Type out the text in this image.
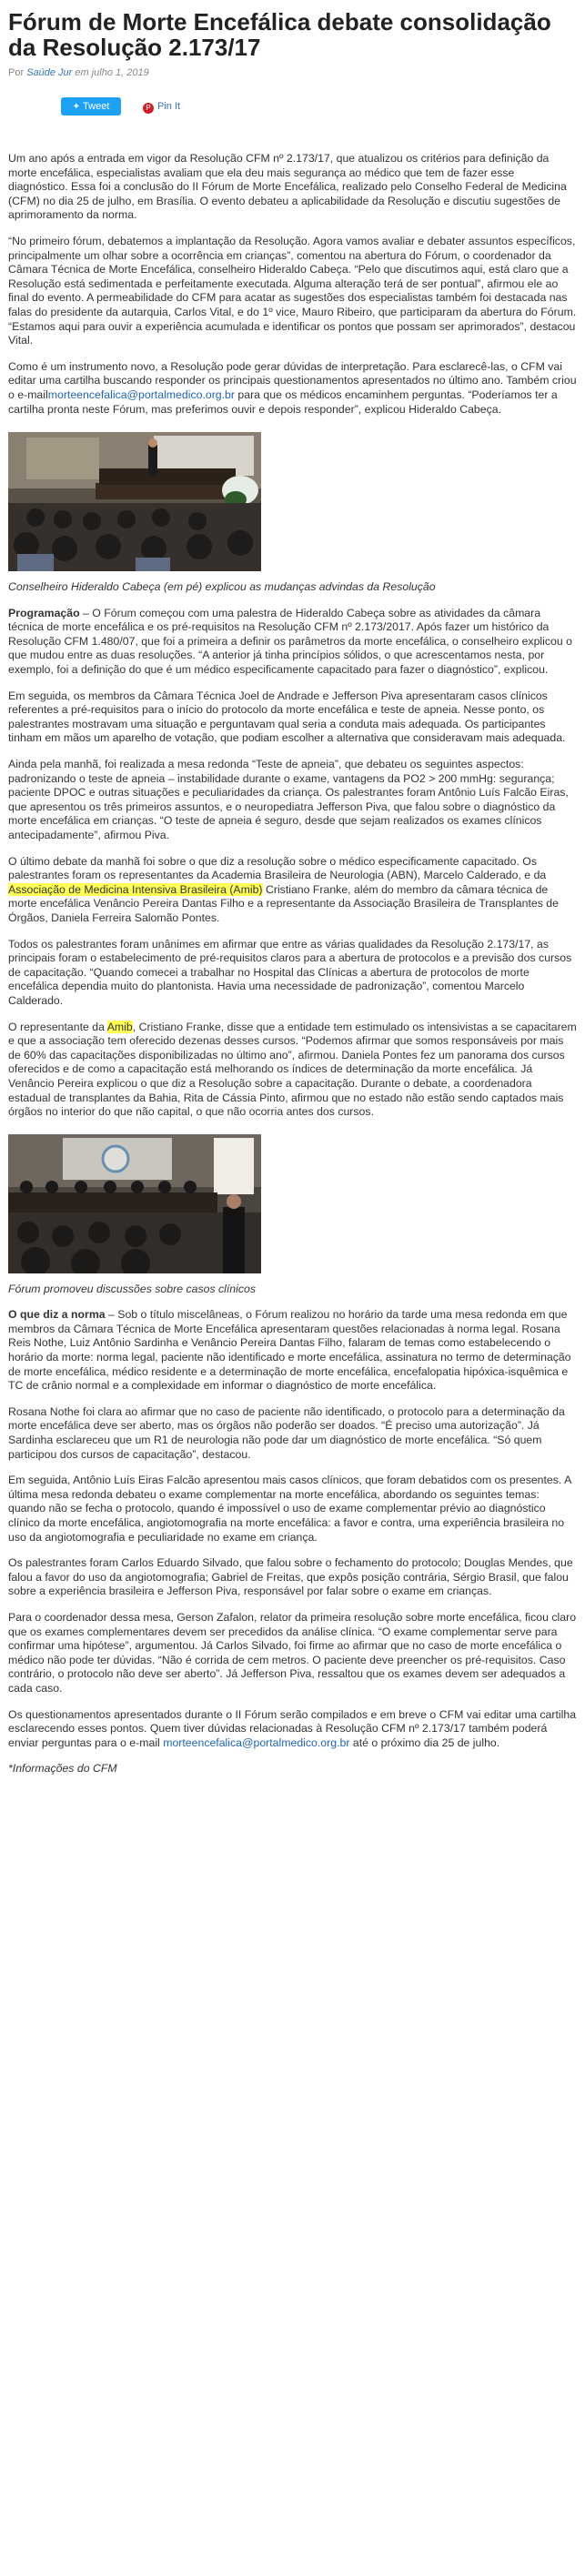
Fórum de Morte Encefálica debate consolidação da Resolução 2.173/17
Por Saúde Jur em julho 1, 2019
✦ Tweet	P Pin It

Um ano após a entrada em vigor da Resolução CFM nº 2.173/17, que atualizou os critérios para definição da morte encefálica, especialistas avaliam que ela deu mais segurança ao médico que tem de fazer esse diagnóstico. Essa foi a conclusão do II Fórum de Morte Encefálica, realizado pelo Conselho Federal de Medicina (CFM) no dia 25 de julho, em Brasília. O evento debateu a aplicabilidade da Resolução e discutiu sugestões de aprimoramento da norma.

“No primeiro fórum, debatemos a implantação da Resolução. Agora vamos avaliar e debater assuntos específicos, principalmente um olhar sobre a ocorrência em crianças”, comentou na abertura do Fórum, o coordenador da Câmara Técnica de Morte Encefálica, conselheiro Hideraldo Cabeça. “Pelo que discutimos aqui, está claro que a Resolução está sedimentada e perfeitamente executada. Alguma alteração terá de ser pontual”, afirmou ele ao final do evento. A permeabilidade do CFM para acatar as sugestões dos especialistas também foi destacada nas falas do presidente da autarquia, Carlos Vital, e do 1º vice, Mauro Ribeiro, que participaram da abertura do Fórum. “Estamos aqui para ouvir a experiência acumulada e identificar os pontos que possam ser aprimorados”, destacou Vital.

Como é um instrumento novo, a Resolução pode gerar dúvidas de interpretação. Para esclarecê-las, o CFM vai editar uma cartilha buscando responder os principais questionamentos apresentados no último ano. Também criou o e-mailmorteencefalica@portalmedico.org.br para que os médicos encaminhem perguntas. “Poderíamos ter a cartilha pronta neste Fórum, mas preferimos ouvir e depois responder”, explicou Hideraldo Cabeça.

Conselheiro Hideraldo Cabeça (em pé) explicou as mudanças advindas da Resolução

Programação – O Fórum começou com uma palestra de Hideraldo Cabeça sobre as atividades da câmara técnica de morte encefálica e os pré-requisitos na Resolução CFM nº 2.173/2017. Após fazer um histórico da Resolução CFM 1.480/07, que foi a primeira a definir os parâmetros da morte encefálica, o conselheiro explicou o que mudou entre as duas resoluções. “A anterior já tinha princípios sólidos, o que acrescentamos nesta, por exemplo, foi a definição do que é um médico especificamente capacitado para fazer o diagnóstico”, explicou.

Em seguida, os membros da Câmara Técnica Joel de Andrade e Jefferson Piva apresentaram casos clínicos referentes a pré-requisitos para o início do protocolo da morte encefálica e teste de apneia. Nesse ponto, os palestrantes mostravam uma situação e perguntavam qual seria a conduta mais adequada. Os participantes tinham em mãos um aparelho de votação, que podiam escolher a alternativa que consideravam mais adequada.

Ainda pela manhã, foi realizada a mesa redonda “Teste de apneia”, que debateu os seguintes aspectos: padronizando o teste de apneia – instabilidade durante o exame, vantagens da PO2 > 200 mmHg: segurança; paciente DPOC e outras situações e peculiaridades da criança. Os palestrantes foram Antônio Luís Falcão Eiras, que apresentou os três primeiros assuntos, e o neuropediatra Jefferson Piva, que falou sobre o diagnóstico da morte encefálica em crianças. “O teste de apneia é seguro, desde que sejam realizados os exames clínicos antecipadamente”, afirmou Piva.

O último debate da manhã foi sobre o que diz a resolução sobre o médico especificamente capacitado. Os palestrantes foram os representantes da Academia Brasileira de Neurologia (ABN), Marcelo Calderado, e da Associação de Medicina Intensiva Brasileira (Amib) Cristiano Franke, além do membro da câmara técnica de morte encefálica Venâncio Pereira Dantas Filho e a representante da Associação Brasileira de Transplantes de Órgãos, Daniela Ferreira Salomão Pontes.

Todos os palestrantes foram unânimes em afirmar que entre as várias qualidades da Resolução 2.173/17, as principais foram o estabelecimento de pré-requisitos claros para a abertura de protocolos e a previsão dos cursos de capacitação. “Quando comecei a trabalhar no Hospital das Clínicas a abertura de protocolos de morte encefálica dependia muito do plantonista. Havia uma necessidade de padronização”, comentou Marcelo Calderado.

O representante da Amib, Cristiano Franke, disse que a entidade tem estimulado os intensivistas a se capacitarem e que a associação tem oferecido dezenas desses cursos. “Podemos afirmar que somos responsáveis por mais de 60% das capacitações disponibilizadas no último ano”, afirmou. Daniela Pontes fez um panorama dos cursos oferecidos e de como a capacitação está melhorando os índices de determinação da morte encefálica. Já Venâncio Pereira explicou o que diz a Resolução sobre a capacitação. Durante o debate, a coordenadora estadual de transplantes da Bahia, Rita de Cássia Pinto, afirmou que no estado não estão sendo captados mais órgãos no interior do que não capital, o que não ocorria antes dos cursos.

Fórum promoveu discussões sobre casos clínicos

O que diz a norma – Sob o título miscelâneas, o Fórum realizou no horário da tarde uma mesa redonda em que membros da Câmara Técnica de Morte Encefálica apresentaram questões relacionadas à norma legal. Rosana Reis Nothe, Luiz Antônio Sardinha e Venâncio Pereira Dantas Filho, falaram de temas como estabelecendo o horário da morte: norma legal, paciente não identificado e morte encefálica, assinatura no termo de determinação de morte encefálica, médico residente e a determinação de morte encefálica, encefalopatia hipóxica-isquêmica e TC de crânio normal e a complexidade em informar o diagnóstico de morte encefálica.

Rosana Nothe foi clara ao afirmar que no caso de paciente não identificado, o protocolo para a determinação da morte encefálica deve ser aberto, mas os órgãos não poderão ser doados. “É preciso uma autorização”. Já Sardinha esclareceu que um R1 de neurologia não pode dar um diagnóstico de morte encefálica. “Só quem participou dos cursos de capacitação”, destacou.

Em seguida, Antônio Luís Eiras Falcão apresentou mais casos clínicos, que foram debatidos com os presentes. A última mesa redonda debateu o exame complementar na morte encefálica, abordando os seguintes temas: quando não se fecha o protocolo, quando é impossível o uso de exame complementar prévio ao diagnóstico clínico da morte encefálica, angiotomografia na morte encefálica: a favor e contra, uma experiência brasileira no uso da angiotomografia e peculiaridade no exame em criança.

Os palestrantes foram Carlos Eduardo Silvado, que falou sobre o fechamento do protocolo; Douglas Mendes, que falou a favor do uso da angiotomografia; Gabriel de Freitas, que expôs posição contrária, Sérgio Brasil, que falou sobre a experiência brasileira e Jefferson Piva, responsável por falar sobre o exame em crianças.

Para o coordenador dessa mesa, Gerson Zafalon, relator da primeira resolução sobre morte encefálica, ficou claro que os exames complementares devem ser precedidos da análise clínica. “O exame complementar serve para confirmar uma hipótese”, argumentou. Já Carlos Silvado, foi firme ao afirmar que no caso de morte encefálica o médico não pode ter dúvidas. “Não é corrida de cem metros. O paciente deve preencher os pré-requisitos. Caso contrário, o protocolo não deve ser aberto”. Já Jefferson Piva, ressaltou que os exames devem ser adequados a cada caso.

Os questionamentos apresentados durante o II Fórum serão compilados e em breve o CFM vai editar uma cartilha esclarecendo esses pontos. Quem tiver dúvidas relacionadas à Resolução CFM nº 2.173/17 também poderá enviar perguntas para o e-mail morteencefalica@portalmedico.org.br até o próximo dia 25 de julho.

*Informações do CFM
